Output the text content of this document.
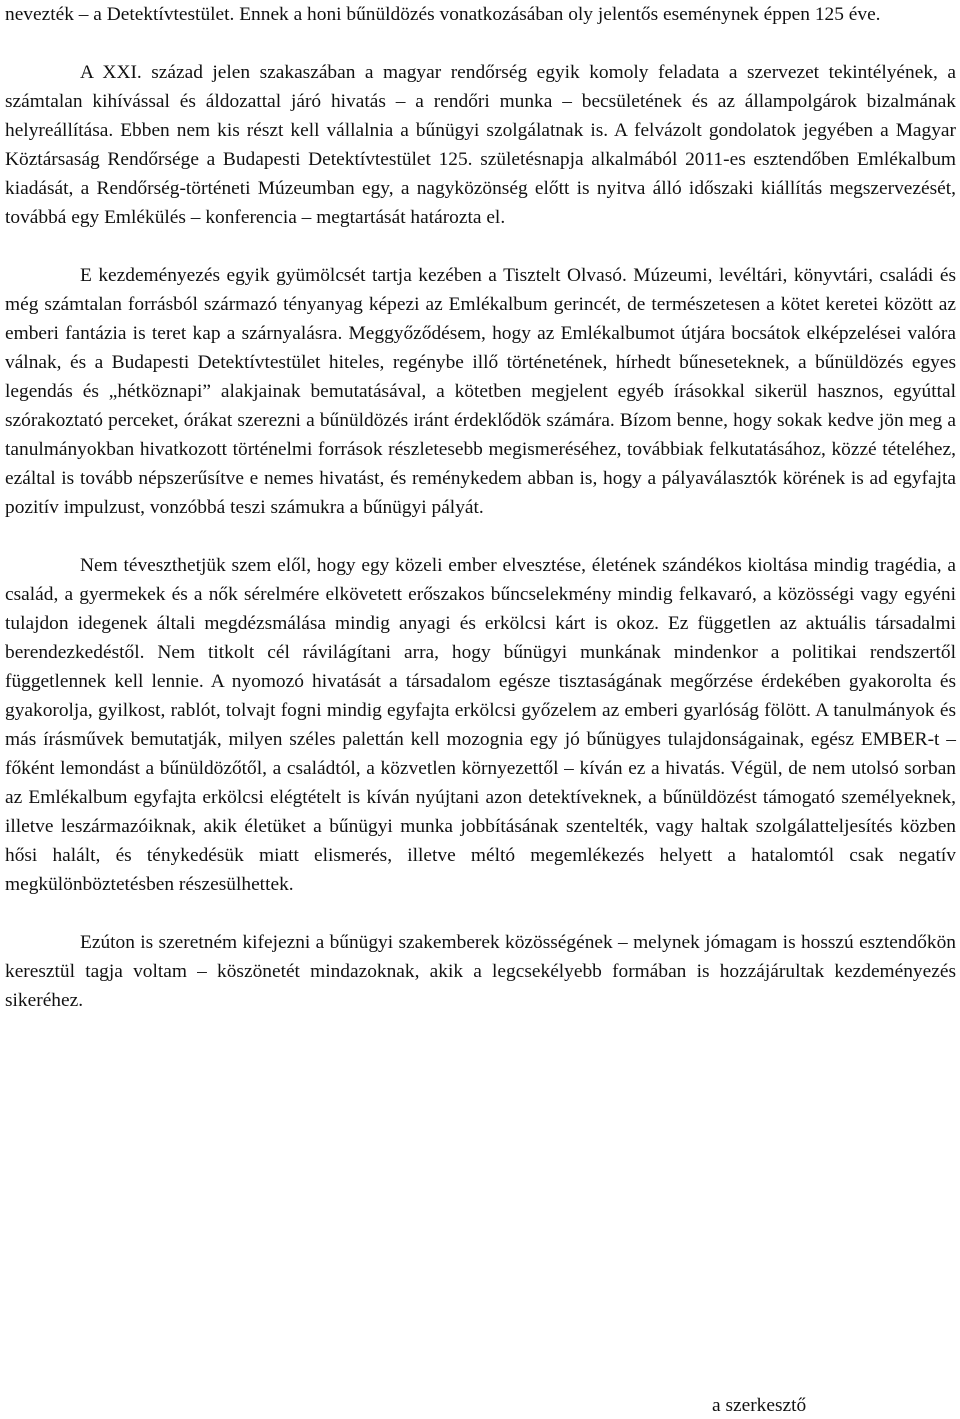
nevezték – a Detektívtestület. Ennek a honi bűnüldözés vonatkozásában oly jelentős eseménynek éppen 125 éve.

A XXI. század jelen szakaszában a magyar rendőrség egyik komoly feladata a szervezet tekintélyének, a számtalan kihívással és áldozattal járó hivatás – a rendőri munka – becsületének és az állampolgárok bizalmának helyreállítása. Ebben nem kis részt kell vállalnia a bűnügyi szolgálatnak is. A felvázolt gondolatok jegyében a Magyar Köztársaság Rendőrsége a Budapesti Detektívtestület 125. születésnapja alkalmából 2011-es esztendőben Emlékalbum kiadását, a Rendőrség-történeti Múzeumban egy, a nagyközönség előtt is nyitva álló időszaki kiállítás megszervezését, továbbá egy Emlékülés – konferencia – megtartását határozta el.

E kezdeményezés egyik gyümölcsét tartja kezében a Tisztelt Olvasó. Múzeumi, levéltári, könyvtári, családi és még számtalan forrásból származó tényanyag képezi az Emlékalbum gerincét, de természetesen a kötet keretei között az emberi fantázia is teret kap a szárnyalásra. Meggyőződésem, hogy az Emlékalbumot útjára bocsátok elképzelései valóra válnak, és a Budapesti Detektívtestület hiteles, regénybe illő történetének, hírhedt bűneseteknek, a bűnüldözés egyes legendás és „hétköznapi” alakjainak bemutatásával, a kötetben megjelent egyéb írásokkal sikerül hasznos, egyúttal szórakoztató perceket, órákat szerezni a bűnüldözés iránt érdeklődök számára. Bízom benne, hogy sokak kedve jön meg a tanulmányokban hivatkozott történelmi források részletesebb megismeréséhez, továbbiak felkutatásához, közzé tételéhez, ezáltal is tovább népszerűsítve e nemes hivatást, és reménykedem abban is, hogy a pályaválasztók körének is ad egyfajta pozitív impulzust, vonzóbbá teszi számukra a bűnügyi pályát.

Nem téveszthetjük szem elől, hogy egy közeli ember elvesztése, életének szándékos kioltása mindig tragédia, a család, a gyermekek és a nők sérelmére elkövetett erőszakos bűncselekmény mindig felkavaró, a közösségi vagy egyéni tulajdon idegenek általi megdézsmálása mindig anyagi és erkölcsi kárt is okoz. Ez független az aktuális társadalmi berendezkedéstől. Nem titkolt cél rávilágítani arra, hogy bűnügyi munkának mindenkor a politikai rendszertől függetlennek kell lennie. A nyomozó hivatását a társadalom egésze tisztaságának megőrzése érdekében gyakorolta és gyakorolja, gyilkost, rablót, tolvajt fogni mindig egyfajta erkölcsi győzelem az emberi gyarlóság fölött. A tanulmányok és más írásművek bemutatják, milyen széles palettán kell mozognia egy jó bűnügyes tulajdonságainak, egész EMBER-t – főként lemondást a bűnüldözőtől, a családtól, a közvetlen környezettől – kíván ez a hivatás. Végül, de nem utolsó sorban az Emlékalbum egyfajta erkölcsi elégtételt is kíván nyújtani azon detektíveknek, a bűnüldözést támogató személyeknek, illetve leszármazóiknak, akik életüket a bűnügyi munka jobbításának szentelték, vagy haltak szolgálatteljesítés közben hősi halált, és ténykedésük miatt elismerés, illetve méltó megemlékezés helyett a hatalomtól csak negatív megkülönböztetésben részesülhettek.

Ezúton is szeretném kifejezni a bűnügyi szakemberek közösségének – melynek jómagam is hosszú esztendőkön keresztül tagja voltam – köszönetét mindazoknak, akik a legcsekélyebb formában is hozzájárultak kezdeményezés sikeréhez.

a szerkesztő
